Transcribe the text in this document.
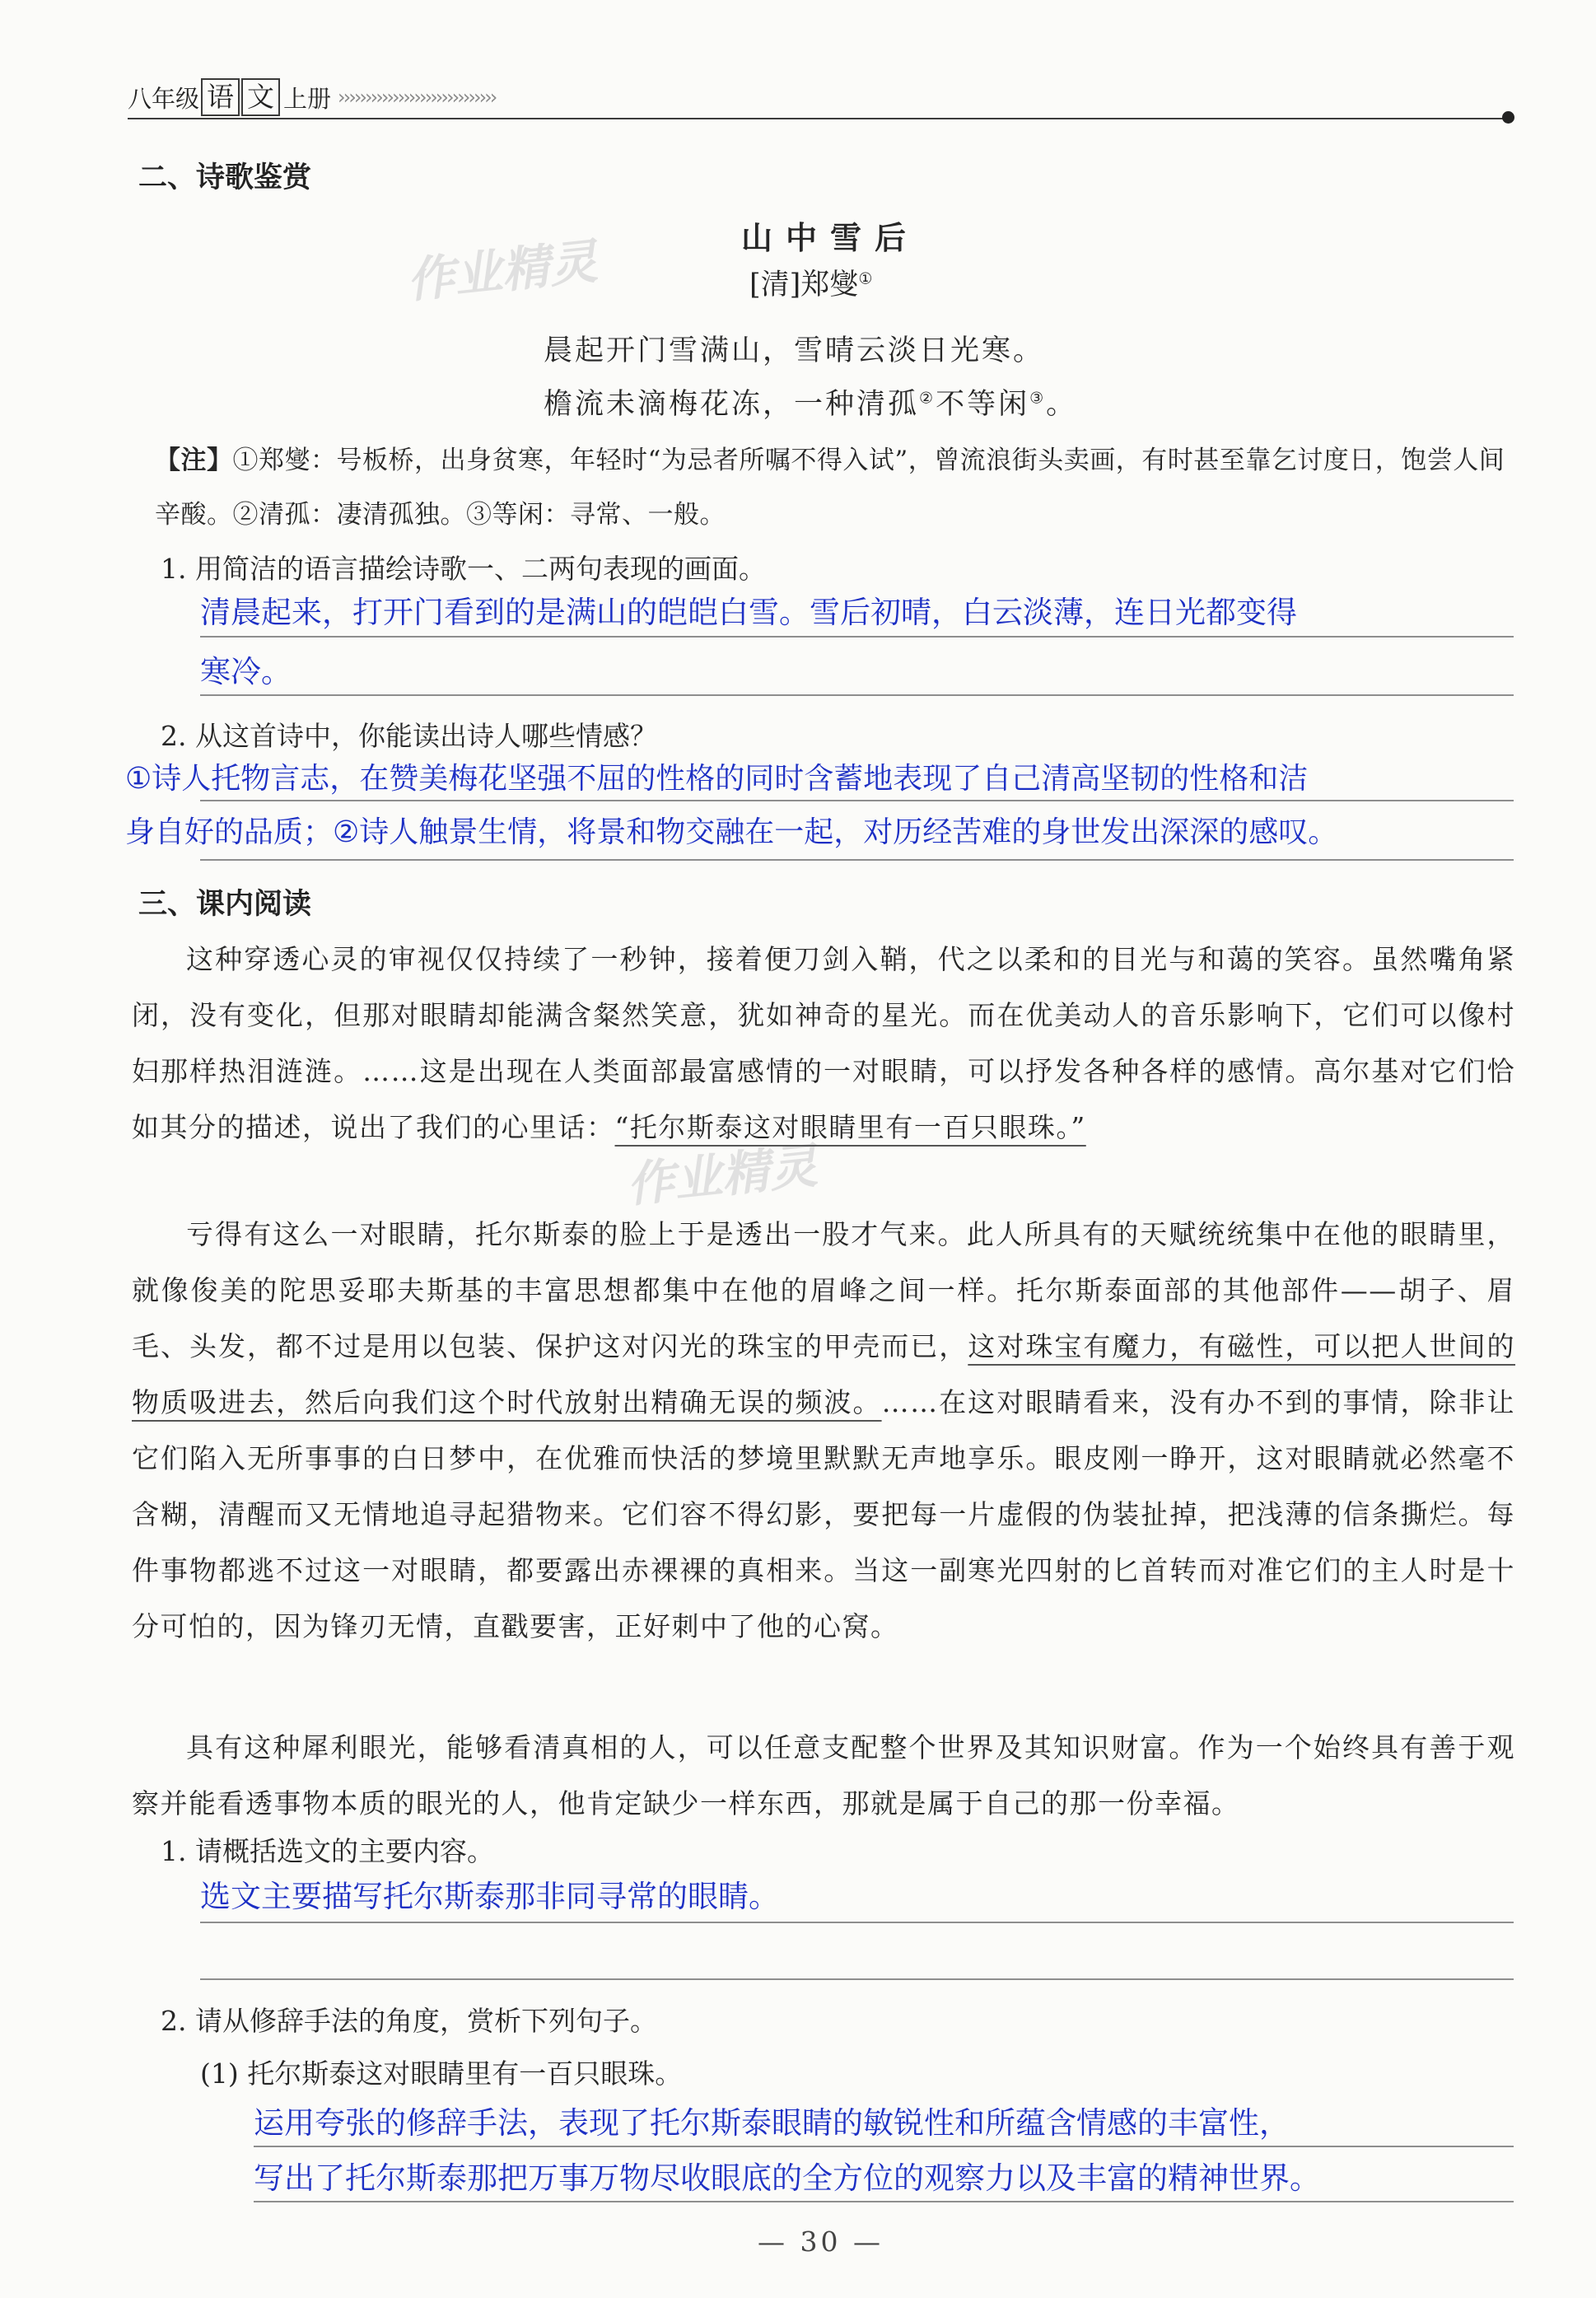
八年级 语 文 上册 ›››››››››››››››››››››››››››››
作业精灵
作业精灵
二、诗歌鉴赏
山中雪后
[清]郑燮①
晨起开门雪满山，雪晴云淡日光寒。
檐流未滴梅花冻，一种清孤②不等闲③。
【注】①郑燮：号板桥，出身贫寒，年轻时“为忌者所嘱不得入试”，曾流浪街头卖画，有时甚至靠乞讨度日，饱尝人间辛酸。②清孤：凄清孤独。③等闲：寻常、一般。
1. 用简洁的语言描绘诗歌一、二两句表现的画面。
清晨起来，打开门看到的是满山的皑皑白雪。雪后初晴，白云淡薄，连日光都变得
寒冷。
2. 从这首诗中，你能读出诗人哪些情感？
①诗人托物言志，在赞美梅花坚强不屈的性格的同时含蓄地表现了自己清高坚韧的性格和洁
身自好的品质；②诗人触景生情，将景和物交融在一起，对历经苦难的身世发出深深的感叹。
三、课内阅读
这种穿透心灵的审视仅仅持续了一秒钟，接着便刀剑入鞘，代之以柔和的目光与和蔼的笑容。虽然嘴角紧闭，没有变化，但那对眼睛却能满含粲然笑意，犹如神奇的星光。而在优美动人的音乐影响下，它们可以像村妇那样热泪涟涟。……这是出现在人类面部最富感情的一对眼睛，可以抒发各种各样的感情。高尔基对它们恰如其分的描述，说出了我们的心里话：“托尔斯泰这对眼睛里有一百只眼珠。”
亏得有这么一对眼睛，托尔斯泰的脸上于是透出一股才气来。此人所具有的天赋统统集中在他的眼睛里，就像俊美的陀思妥耶夫斯基的丰富思想都集中在他的眉峰之间一样。托尔斯泰面部的其他部件——胡子、眉毛、头发，都不过是用以包装、保护这对闪光的珠宝的甲壳而已，这对珠宝有魔力，有磁性，可以把人世间的物质吸进去，然后向我们这个时代放射出精确无误的频波。……在这对眼睛看来，没有办不到的事情，除非让它们陷入无所事事的白日梦中，在优雅而快活的梦境里默默无声地享乐。眼皮刚一睁开，这对眼睛就必然毫不含糊，清醒而又无情地追寻起猎物来。它们容不得幻影，要把每一片虚假的伪装扯掉，把浅薄的信条撕烂。每件事物都逃不过这一对眼睛，都要露出赤裸裸的真相来。当这一副寒光四射的匕首转而对准它们的主人时是十分可怕的，因为锋刃无情，直戳要害，正好刺中了他的心窝。
具有这种犀利眼光，能够看清真相的人，可以任意支配整个世界及其知识财富。作为一个始终具有善于观察并能看透事物本质的眼光的人，他肯定缺少一样东西，那就是属于自己的那一份幸福。
1. 请概括选文的主要内容。
选文主要描写托尔斯泰那非同寻常的眼睛。
2. 请从修辞手法的角度，赏析下列句子。
(1) 托尔斯泰这对眼睛里有一百只眼珠。
运用夸张的修辞手法，表现了托尔斯泰眼睛的敏锐性和所蕴含情感的丰富性，
写出了托尔斯泰那把万事万物尽收眼底的全方位的观察力以及丰富的精神世界。
— 30 —
